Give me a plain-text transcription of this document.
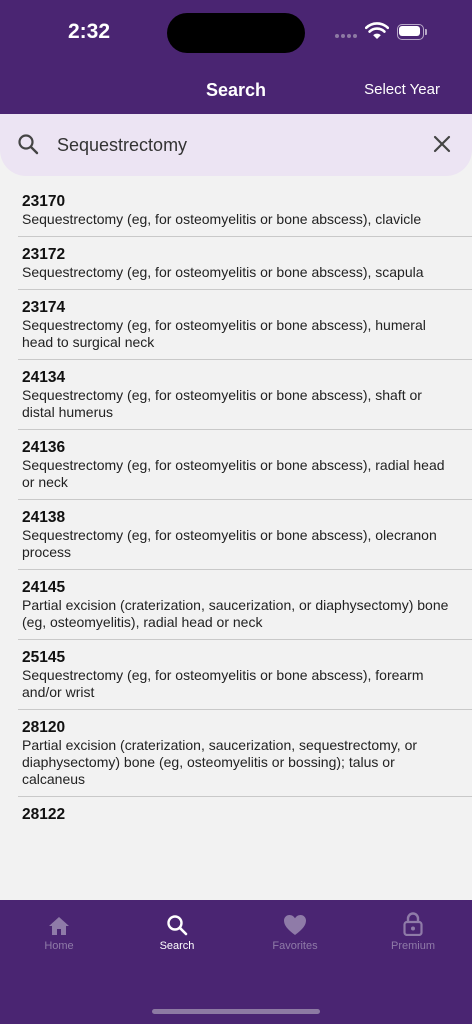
2:32
Search	Select Year
Sequestrectomy
23170
Sequestrectomy (eg, for osteomyelitis or bone abscess), clavicle
23172
Sequestrectomy (eg, for osteomyelitis or bone abscess), scapula
23174
Sequestrectomy (eg, for osteomyelitis or bone abscess), humeral head to surgical neck
24134
Sequestrectomy (eg, for osteomyelitis or bone abscess), shaft or distal humerus
24136
Sequestrectomy (eg, for osteomyelitis or bone abscess), radial head or neck
24138
Sequestrectomy (eg, for osteomyelitis or bone abscess), olecranon process
24145
Partial excision (craterization, saucerization, or diaphysectomy) bone (eg, osteomyelitis), radial head or neck
25145
Sequestrectomy (eg, for osteomyelitis or bone abscess), forearm and/or wrist
28120
Partial excision (craterization, saucerization, sequestrectomy, or diaphysectomy) bone (eg, osteomyelitis or bossing); talus or calcaneus
28122
Home	Search	Favorites	Premium
